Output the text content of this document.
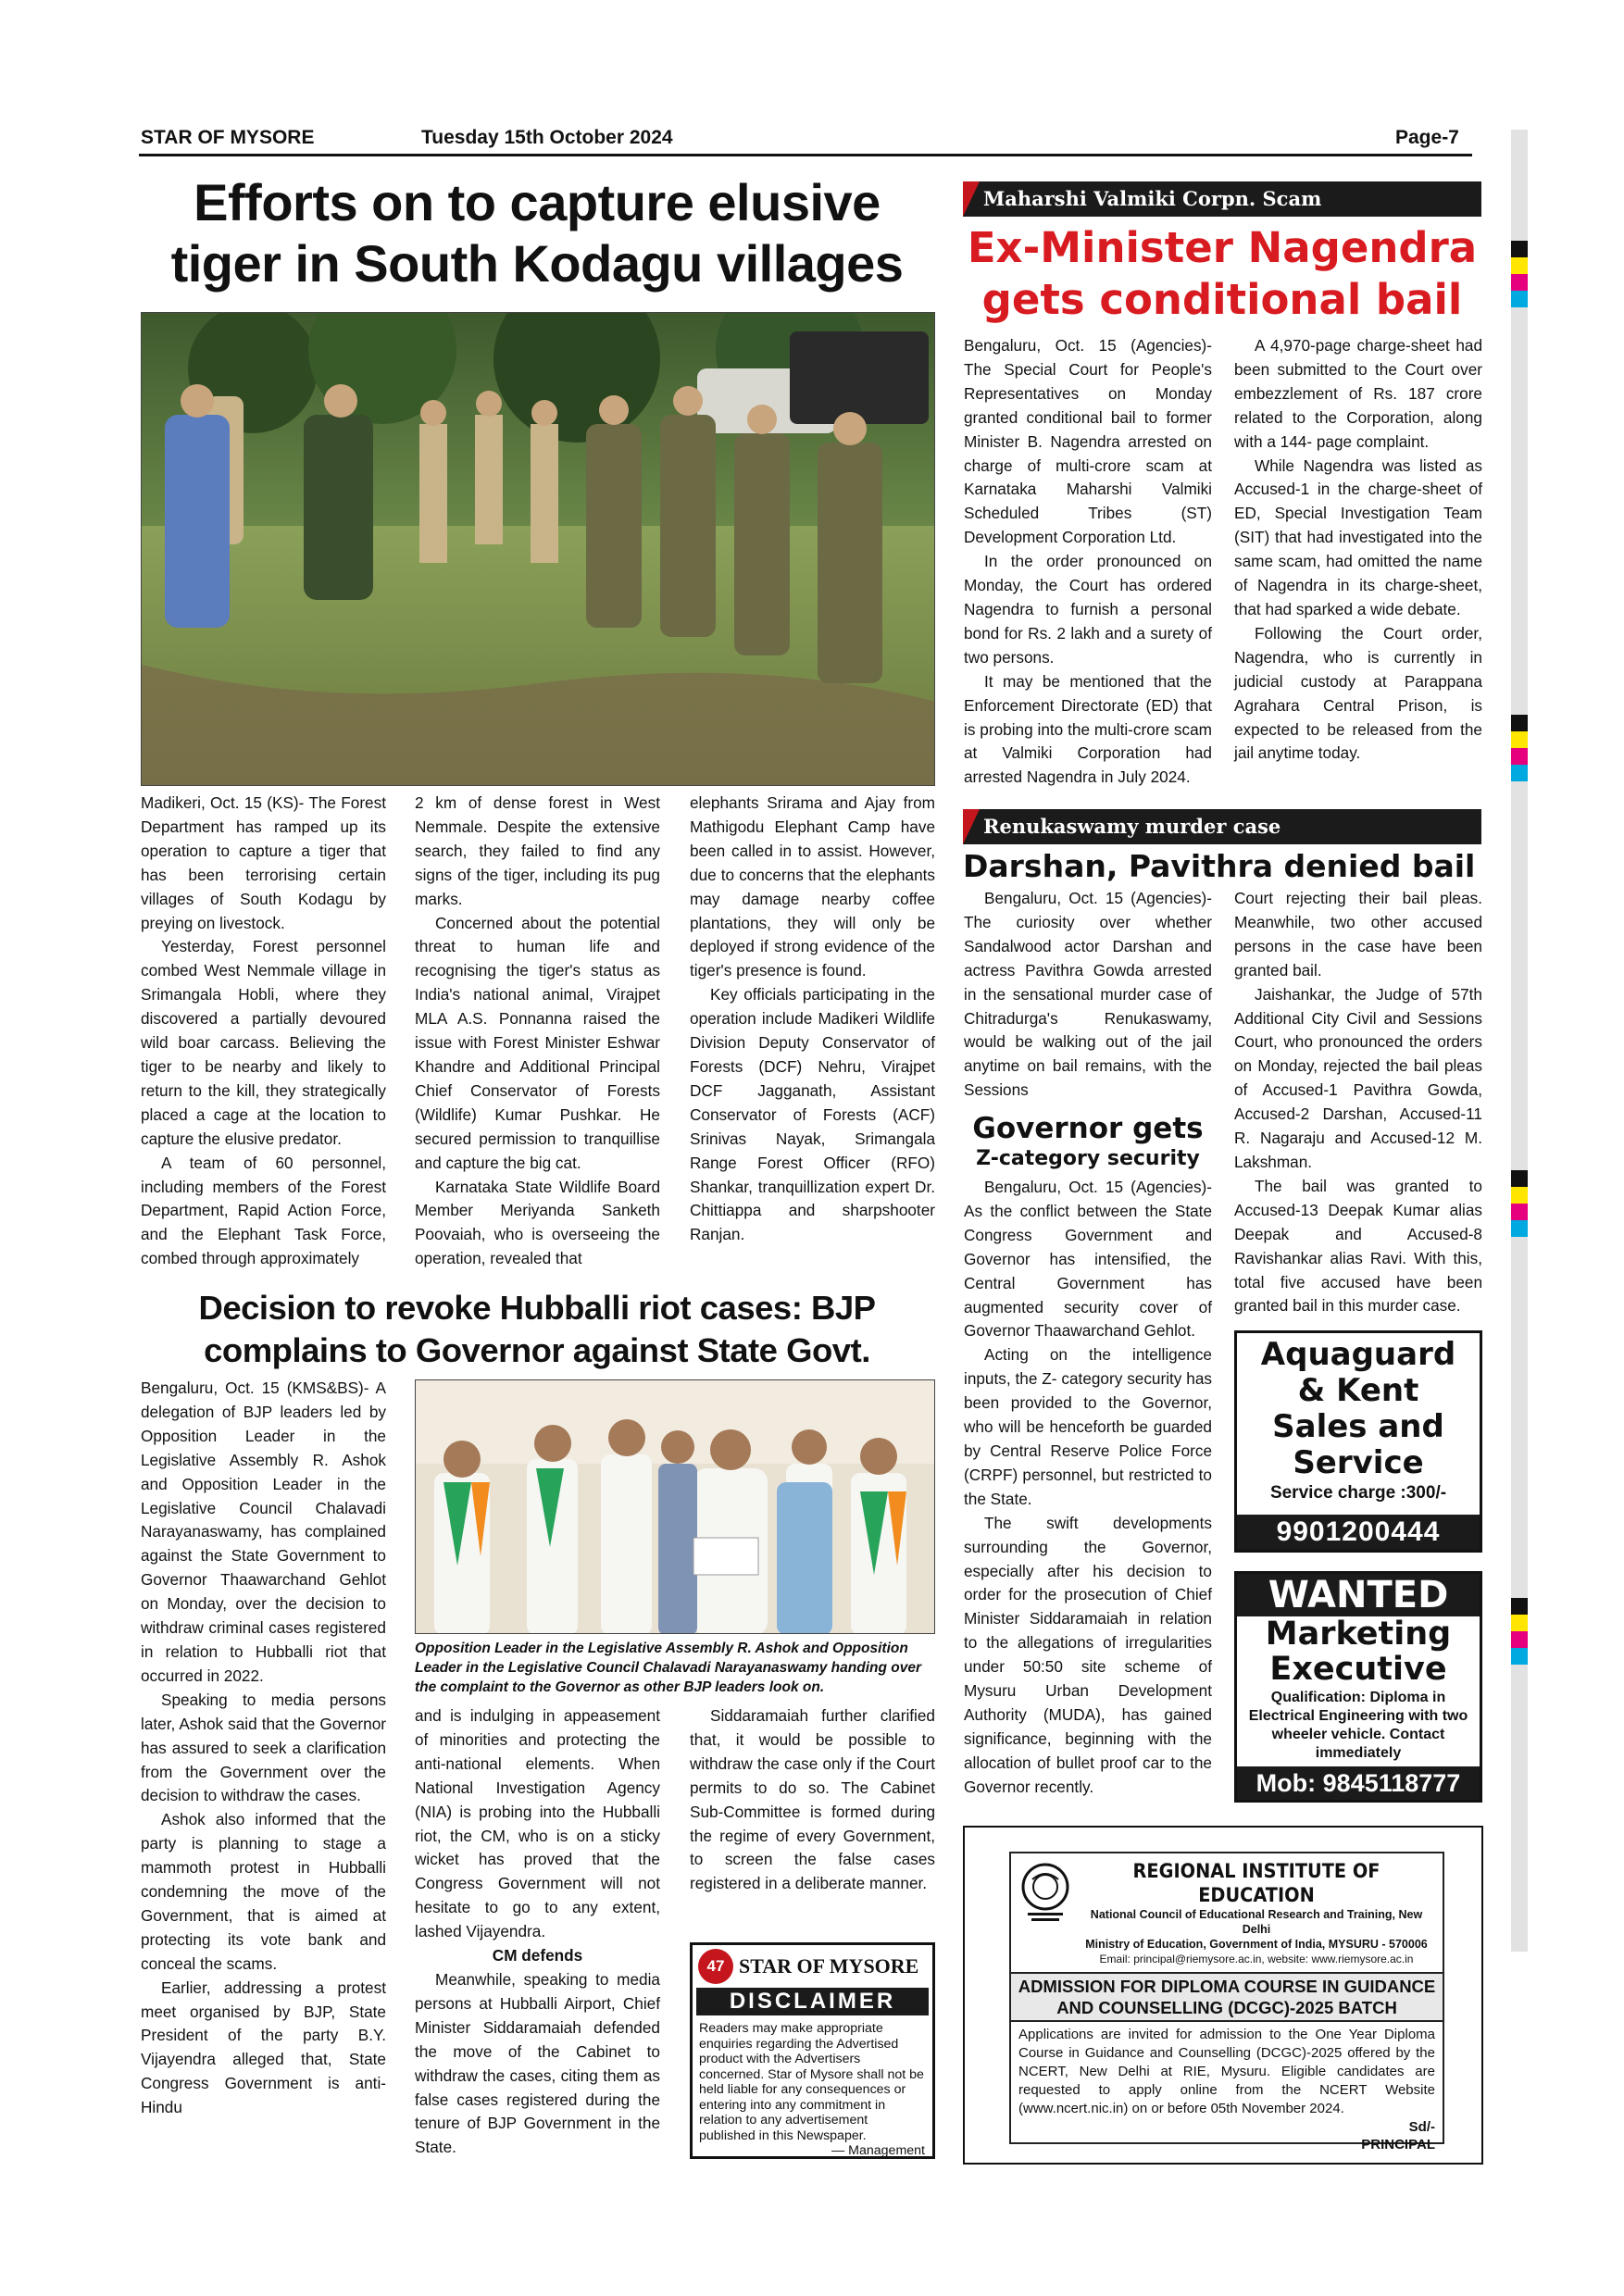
STAR OF MYSORE	Tuesday 15th October 2024	Page-7
Efforts on to capture elusive
tiger in South Kodagu villages

Madikeri, Oct. 15 (KS)- The Forest Department has ramped up its operation to capture a tiger that has been terrorising certain villages of South Kodagu by preying on livestock.

Yesterday, Forest personnel combed West Nemmale village in Srimangala Hobli, where they discovered a partially devoured wild boar carcass. Believing the tiger to be nearby and likely to return to the kill, they strategically placed a cage at the location to capture the elusive predator.

A team of 60 personnel, including members of the Forest Department, Rapid Action Force, and the Elephant Task Force, combed through approximately

2 km of dense forest in West Nemmale. Despite the extensive search, they failed to find any signs of the tiger, including its pug marks.

Concerned about the potential threat to human life and recognising the tiger's status as India's national animal, Virajpet MLA A.S. Ponnanna raised the issue with Forest Minister Eshwar Khandre and Additional Principal Chief Conservator of Forests (Wildlife) Kumar Pushkar. He secured permission to tranquillise and capture the big cat.

Karnataka State Wildlife Board Member Meriyanda Sanketh Poovaiah, who is overseeing the operation, revealed that

elephants Srirama and Ajay from Mathigodu Elephant Camp have been called in to assist. However, due to concerns that the elephants may damage nearby coffee plantations, they will only be deployed if strong evidence of the tiger's presence is found.

Key officials participating in the operation include Madikeri Wildlife Division Deputy Conservator of Forests (DCF) Nehru, Virajpet DCF Jagganath, Assistant Conservator of Forests (ACF) Srinivas Nayak, Srimangala Range Forest Officer (RFO) Shankar, tranquillization expert Dr. Chittiappa and sharpshooter Ranjan.

Decision to revoke Hubballi riot cases: BJP
complains to Governor against State Govt.

Bengaluru, Oct. 15 (KMS&BS)- A delegation of BJP leaders led by Opposition Leader in the Legislative Assembly R. Ashok and Opposition Leader in the Legislative Council Chalavadi Narayanaswamy, has complained against the State Government to Governor Thaawarchand Gehlot on Monday, over the decision to withdraw criminal cases registered in relation to Hubballi riot that occurred in 2022.

Speaking to media persons later, Ashok said that the Governor has assured to seek a clarification from the Government over the decision to withdraw the cases.

Ashok also informed that the party is planning to stage a mammoth protest in Hubballi condemning the move of the Government, that is aimed at protecting its vote bank and conceal the scams.

Earlier, addressing a protest meet organised by BJP, State President of the party B.Y. Vijayendra alleged that, State Congress Government is anti-Hindu

Opposition Leader in the Legislative Assembly R. Ashok and Opposition Leader in the Legislative Council Chalavadi Narayanaswamy handing over the complaint to the Governor as other BJP leaders look on.

and is indulging in appeasement of minorities and protecting the anti-national elements. When National Investigation Agency (NIA) is probing into the Hubballi riot, the CM, who is on a sticky wicket has proved that the Congress Government will not hesitate to go to any extent, lashed Vijayendra.

CM defends

Meanwhile, speaking to media persons at Hubballi Airport, Chief Minister Siddaramaiah defended the move of the Cabinet to withdraw the cases, citing them as false cases registered during the tenure of BJP Government in the State.

Siddaramaiah further clarified that, it would be possible to withdraw the case only if the Court permits to do so. The Cabinet Sub-Committee is formed during the regime of every Government, to screen the false cases registered in a deliberate manner.

47 STAR OF MYSORE
DISCLAIMER
Readers may make appropriate enquiries regarding the Advertised product with the Advertisers concerned. Star of Mysore shall not be held liable for any consequences or entering into any commitment in relation to any advertisement published in this Newspaper.
— Management
Maharshi Valmiki Corpn. Scam
Ex-Minister Nagendra
gets conditional bail

Bengaluru, Oct. 15 (Agencies)- The Special Court for People's Representatives on Monday granted conditional bail to former Minister B. Nagendra arrested on charge of multi-crore scam at Karnataka Maharshi Valmiki Scheduled Tribes (ST) Development Corporation Ltd.

In the order pronounced on Monday, the Court has ordered Nagendra to furnish a personal bond for Rs. 2 lakh and a surety of two persons.

It may be mentioned that the Enforcement Directorate (ED) that is probing into the multi-crore scam at Valmiki Corporation had arrested Nagendra in July 2024.

A 4,970-page charge-sheet had been submitted to the Court over embezzlement of Rs. 187 crore related to the Corporation, along with a 144- page complaint.

While Nagendra was listed as Accused-1 in the charge-sheet of ED, Special Investigation Team (SIT) that had investigated into the same scam, had omitted the name of Nagendra in its charge-sheet, that had sparked a wide debate.

Following the Court order, Nagendra, who is currently in judicial custody at Parappana Agrahara Central Prison, is expected to be released from the jail anytime today.

Renukaswamy murder case
Darshan, Pavithra denied bail

Bengaluru, Oct. 15 (Agencies)- The curiosity over whether Sandalwood actor Darshan and actress Pavithra Gowda arrested in the sensational murder case of Chitradurga's Renukaswamy, would be walking out of the jail anytime on bail remains, with the Sessions

Court rejecting their bail pleas. Meanwhile, two other accused persons in the case have been granted bail.

Jaishankar, the Judge of 57th Additional City Civil and Sessions Court, who pronounced the orders on Monday, rejected the bail pleas of Accused-1 Pavithra Gowda, Accused-2 Darshan, Accused-11 R. Nagaraju and Accused-12 M. Lakshman.

The bail was granted to Accused-13 Deepak Kumar alias Deepak and Accused-8 Ravishankar alias Ravi. With this, total five accused have been granted bail in this murder case.

Governor gets
Z-category security

Bengaluru, Oct. 15 (Agencies)- As the conflict between the State Congress Government and Governor has intensified, the Central Government has augmented security cover of Governor Thaawarchand Gehlot.

Acting on the intelligence inputs, the Z- category security has been provided to the Governor, who will be henceforth be guarded by Central Reserve Police Force (CRPF) personnel, but restricted to the State.

The swift developments surrounding the Governor, especially after his decision to order for the prosecution of Chief Minister Siddaramaiah in relation to the allegations of irregularities under 50:50 site scheme of Mysuru Urban Development Authority (MUDA), has gained significance, beginning with the allocation of bullet proof car to the Governor recently.

Aquaguard
& Kent
Sales and
Service
Service charge :300/-
9901200444
WANTED
Marketing
Executive
Qualification: Diploma in Electrical Engineering with two wheeler vehicle. Contact immediately
Mob: 9845118777
REGIONAL INSTITUTE OF EDUCATION
National Council of Educational Research and Training, New Delhi
Ministry of Education, Government of India, MYSURU - 570006
Email: principal@riemysore.ac.in, website: www.riemysore.ac.in
ADMISSION FOR DIPLOMA COURSE IN GUIDANCE AND COUNSELLING (DCGC)-2025 BATCH
Applications are invited for admission to the One Year Diploma Course in Guidance and Counselling (DCGC)-2025 offered by the NCERT, New Delhi at RIE, Mysuru. Eligible candidates are requested to apply online from the NCERT Website (www.ncert.nic.in) on or before 05th November 2024.
Sd/-
PRINCIPAL
